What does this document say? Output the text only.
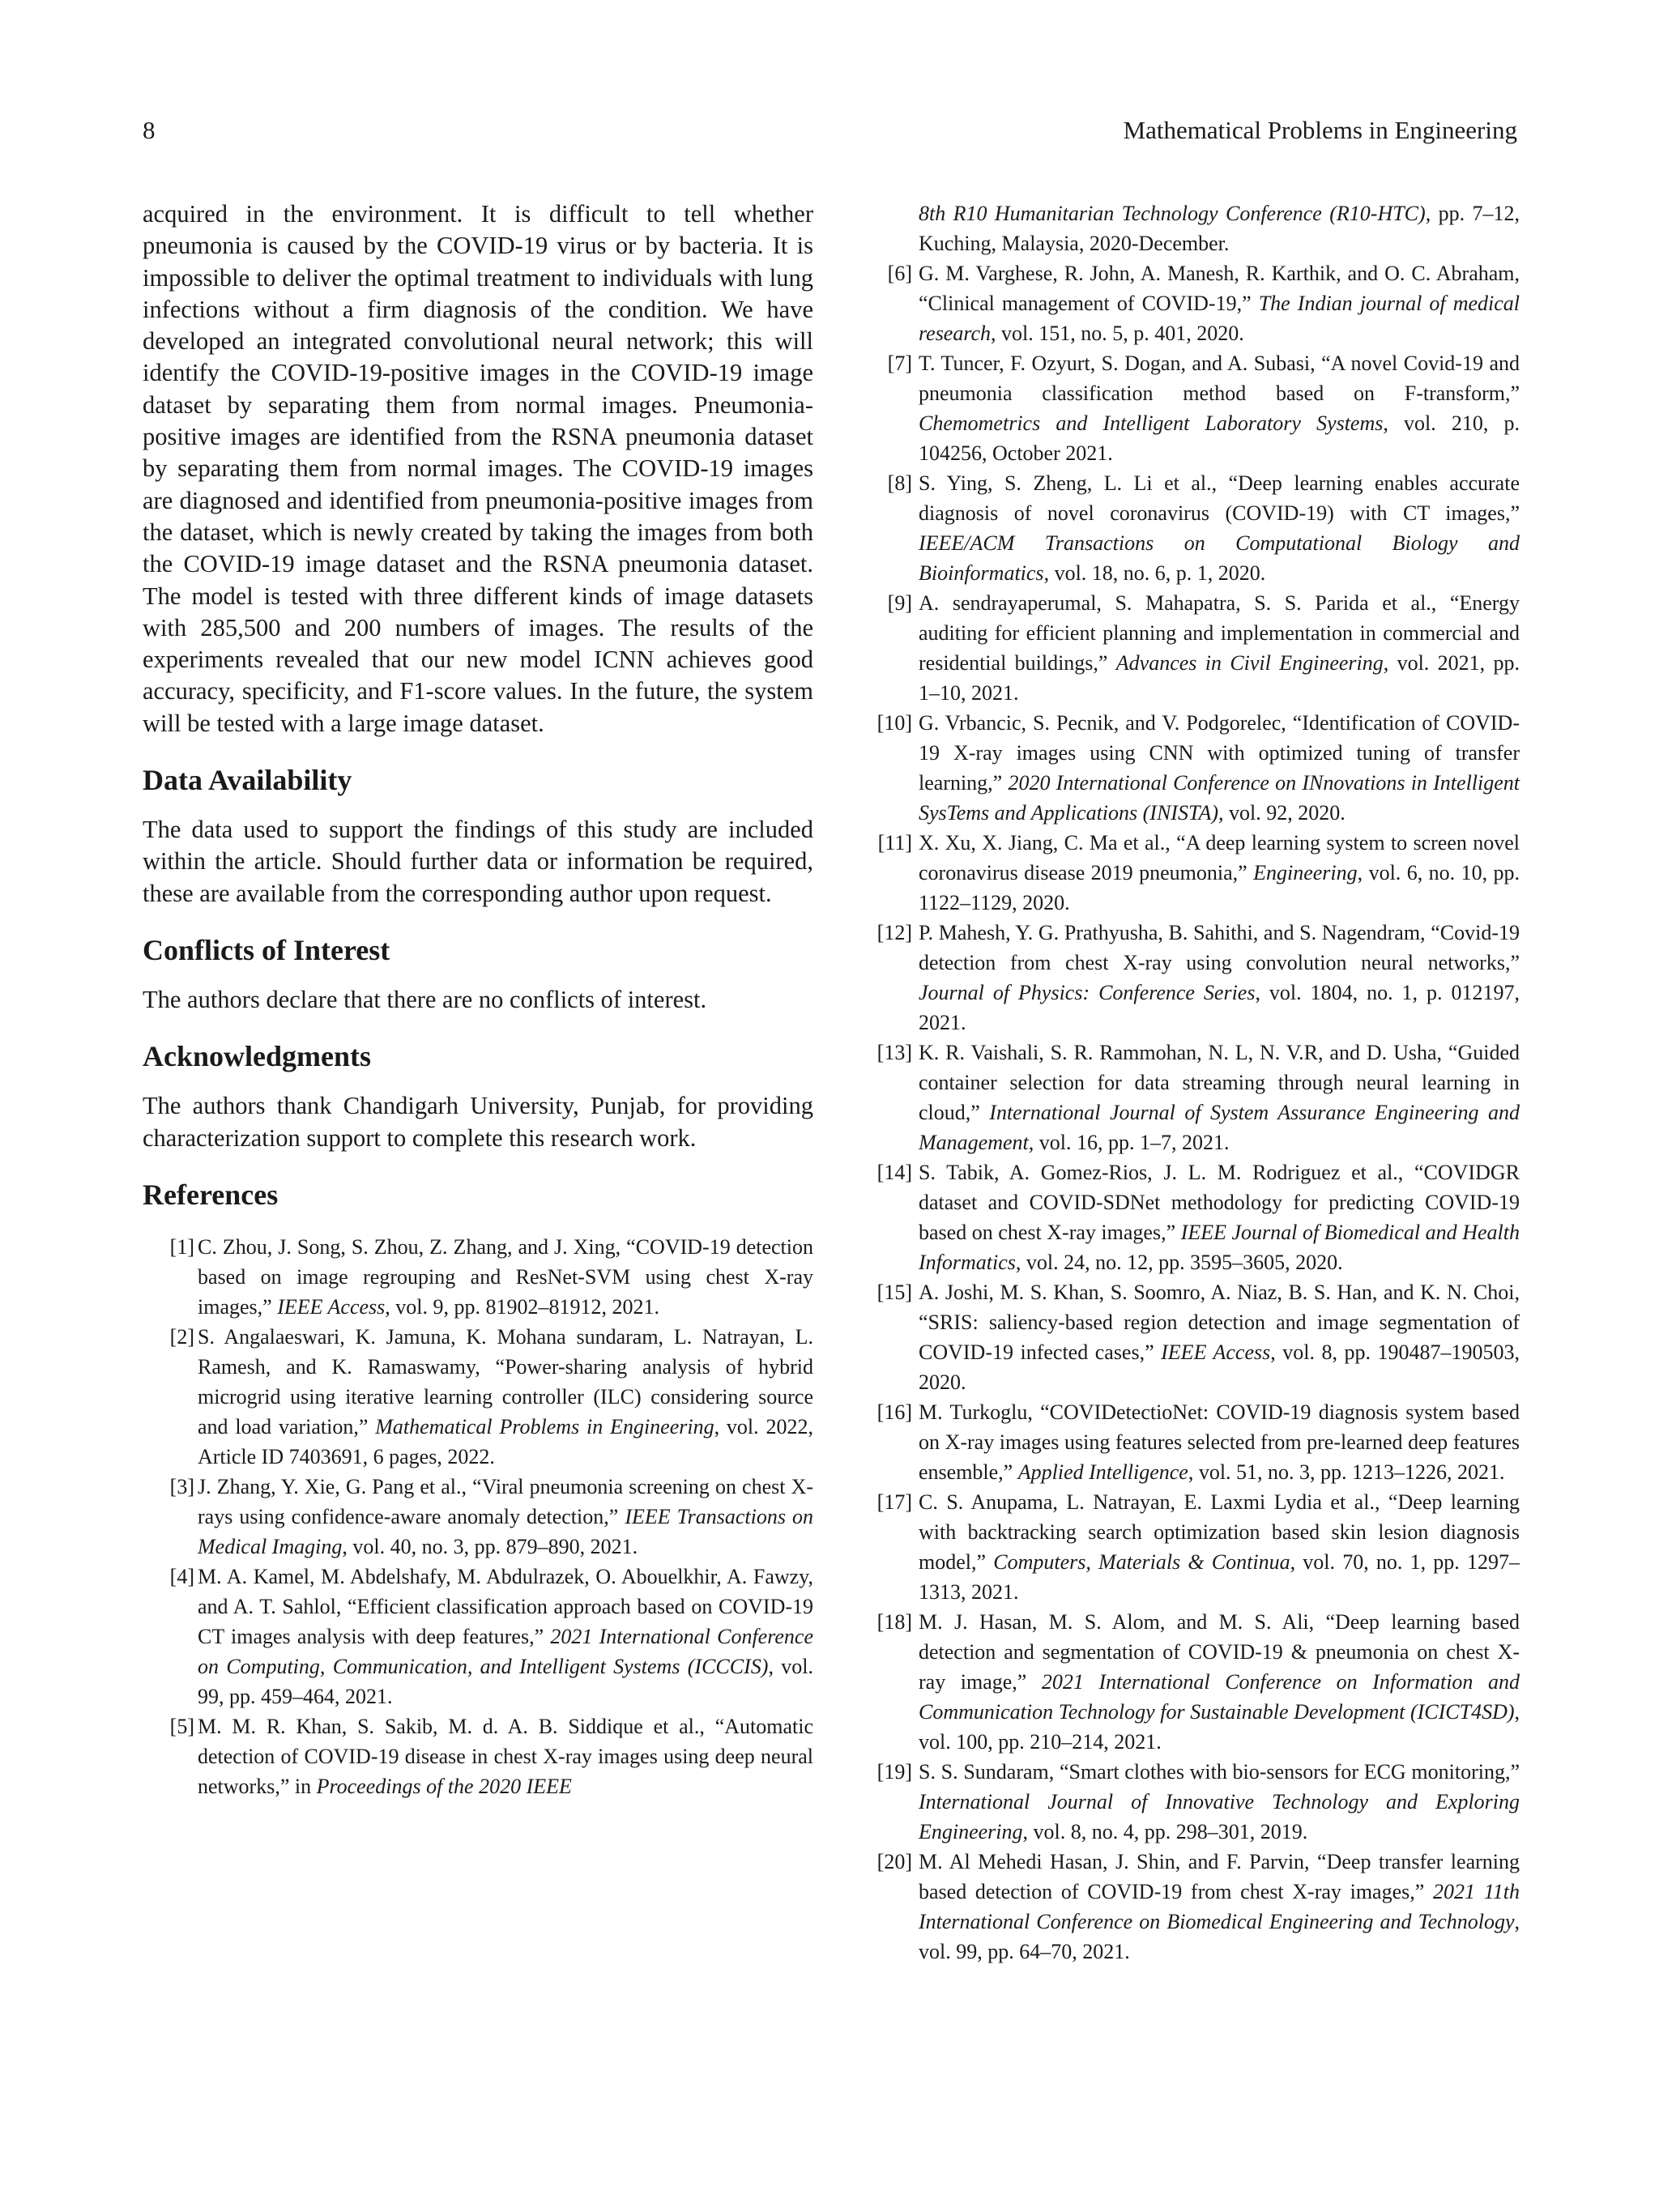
8	Mathematical Problems in Engineering

acquired in the environment. It is difficult to tell whether pneumonia is caused by the COVID-19 virus or by bacteria. It is impossible to deliver the optimal treatment to individuals with lung infections without a firm diagnosis of the condition. We have developed an integrated convolutional neural network; this will identify the COVID-19-positive images in the COVID-19 image dataset by separating them from normal images. Pneumonia-positive images are identified from the RSNA pneumonia dataset by separating them from normal images. The COVID-19 images are diagnosed and identified from pneumonia-positive images from the dataset, which is newly created by taking the images from both the COVID-19 image dataset and the RSNA pneumonia dataset. The model is tested with three different kinds of image datasets with 285,500 and 200 numbers of images. The results of the experiments revealed that our new model ICNN achieves good accuracy, specificity, and F1-score values. In the future, the system will be tested with a large image dataset.

Data Availability

The data used to support the findings of this study are included within the article. Should further data or information be required, these are available from the corresponding author upon request.

Conflicts of Interest

The authors declare that there are no conflicts of interest.

Acknowledgments

The authors thank Chandigarh University, Punjab, for providing characterization support to complete this research work.

References
[1] C. Zhou, J. Song, S. Zhou, Z. Zhang, and J. Xing, “COVID-19 detection based on image regrouping and ResNet-SVM using chest X-ray images,” IEEE Access, vol. 9, pp. 81902–81912, 2021.
[2] S. Angalaeswari, K. Jamuna, K. Mohana sundaram, L. Natrayan, L. Ramesh, and K. Ramaswamy, “Power-sharing analysis of hybrid microgrid using iterative learning controller (ILC) considering source and load variation,” Mathematical Problems in Engineering, vol. 2022, Article ID 7403691, 6 pages, 2022.
[3] J. Zhang, Y. Xie, G. Pang et al., “Viral pneumonia screening on chest X-rays using confidence-aware anomaly detection,” IEEE Transactions on Medical Imaging, vol. 40, no. 3, pp. 879–890, 2021.
[4] M. A. Kamel, M. Abdelshafy, M. Abdulrazek, O. Abouelkhir, A. Fawzy, and A. T. Sahlol, “Efficient classification approach based on COVID-19 CT images analysis with deep features,” 2021 International Conference on Computing, Communication, and Intelligent Systems (ICCCIS), vol. 99, pp. 459–464, 2021.
[5] M. M. R. Khan, S. Sakib, M. d. A. B. Siddique et al., “Automatic detection of COVID-19 disease in chest X-ray images using deep neural networks,” in Proceedings of the 2020 IEEE
8th R10 Humanitarian Technology Conference (R10-HTC), pp. 7–12, Kuching, Malaysia, 2020-December.
[6] G. M. Varghese, R. John, A. Manesh, R. Karthik, and O. C. Abraham, “Clinical management of COVID-19,” The Indian journal of medical research, vol. 151, no. 5, p. 401, 2020.
[7] T. Tuncer, F. Ozyurt, S. Dogan, and A. Subasi, “A novel Covid-19 and pneumonia classification method based on F-transform,” Chemometrics and Intelligent Laboratory Systems, vol. 210, p. 104256, October 2021.
[8] S. Ying, S. Zheng, L. Li et al., “Deep learning enables accurate diagnosis of novel coronavirus (COVID-19) with CT images,” IEEE/ACM Transactions on Computational Biology and Bioinformatics, vol. 18, no. 6, p. 1, 2020.
[9] A. sendrayaperumal, S. Mahapatra, S. S. Parida et al., “Energy auditing for efficient planning and implementation in commercial and residential buildings,” Advances in Civil Engineering, vol. 2021, pp. 1–10, 2021.
[10] G. Vrbancic, S. Pecnik, and V. Podgorelec, “Identification of COVID-19 X-ray images using CNN with optimized tuning of transfer learning,” 2020 International Conference on INnovations in Intelligent SysTems and Applications (INISTA), vol. 92, 2020.
[11] X. Xu, X. Jiang, C. Ma et al., “A deep learning system to screen novel coronavirus disease 2019 pneumonia,” Engineering, vol. 6, no. 10, pp. 1122–1129, 2020.
[12] P. Mahesh, Y. G. Prathyusha, B. Sahithi, and S. Nagendram, “Covid-19 detection from chest X-ray using convolution neural networks,” Journal of Physics: Conference Series, vol. 1804, no. 1, p. 012197, 2021.
[13] K. R. Vaishali, S. R. Rammohan, N. L, N. V.R, and D. Usha, “Guided container selection for data streaming through neural learning in cloud,” International Journal of System Assurance Engineering and Management, vol. 16, pp. 1–7, 2021.
[14] S. Tabik, A. Gomez-Rios, J. L. M. Rodriguez et al., “COVIDGR dataset and COVID-SDNet methodology for predicting COVID-19 based on chest X-ray images,” IEEE Journal of Biomedical and Health Informatics, vol. 24, no. 12, pp. 3595–3605, 2020.
[15] A. Joshi, M. S. Khan, S. Soomro, A. Niaz, B. S. Han, and K. N. Choi, “SRIS: saliency-based region detection and image segmentation of COVID-19 infected cases,” IEEE Access, vol. 8, pp. 190487–190503, 2020.
[16] M. Turkoglu, “COVIDetectioNet: COVID-19 diagnosis system based on X-ray images using features selected from pre-learned deep features ensemble,” Applied Intelligence, vol. 51, no. 3, pp. 1213–1226, 2021.
[17] C. S. Anupama, L. Natrayan, E. Laxmi Lydia et al., “Deep learning with backtracking search optimization based skin lesion diagnosis model,” Computers, Materials & Continua, vol. 70, no. 1, pp. 1297–1313, 2021.
[18] M. J. Hasan, M. S. Alom, and M. S. Ali, “Deep learning based detection and segmentation of COVID-19 & pneumonia on chest X-ray image,” 2021 International Conference on Information and Communication Technology for Sustainable Development (ICICT4SD), vol. 100, pp. 210–214, 2021.
[19] S. S. Sundaram, “Smart clothes with bio-sensors for ECG monitoring,” International Journal of Innovative Technology and Exploring Engineering, vol. 8, no. 4, pp. 298–301, 2019.
[20] M. Al Mehedi Hasan, J. Shin, and F. Parvin, “Deep transfer learning based detection of COVID-19 from chest X-ray images,” 2021 11th International Conference on Biomedical Engineering and Technology, vol. 99, pp. 64–70, 2021.
